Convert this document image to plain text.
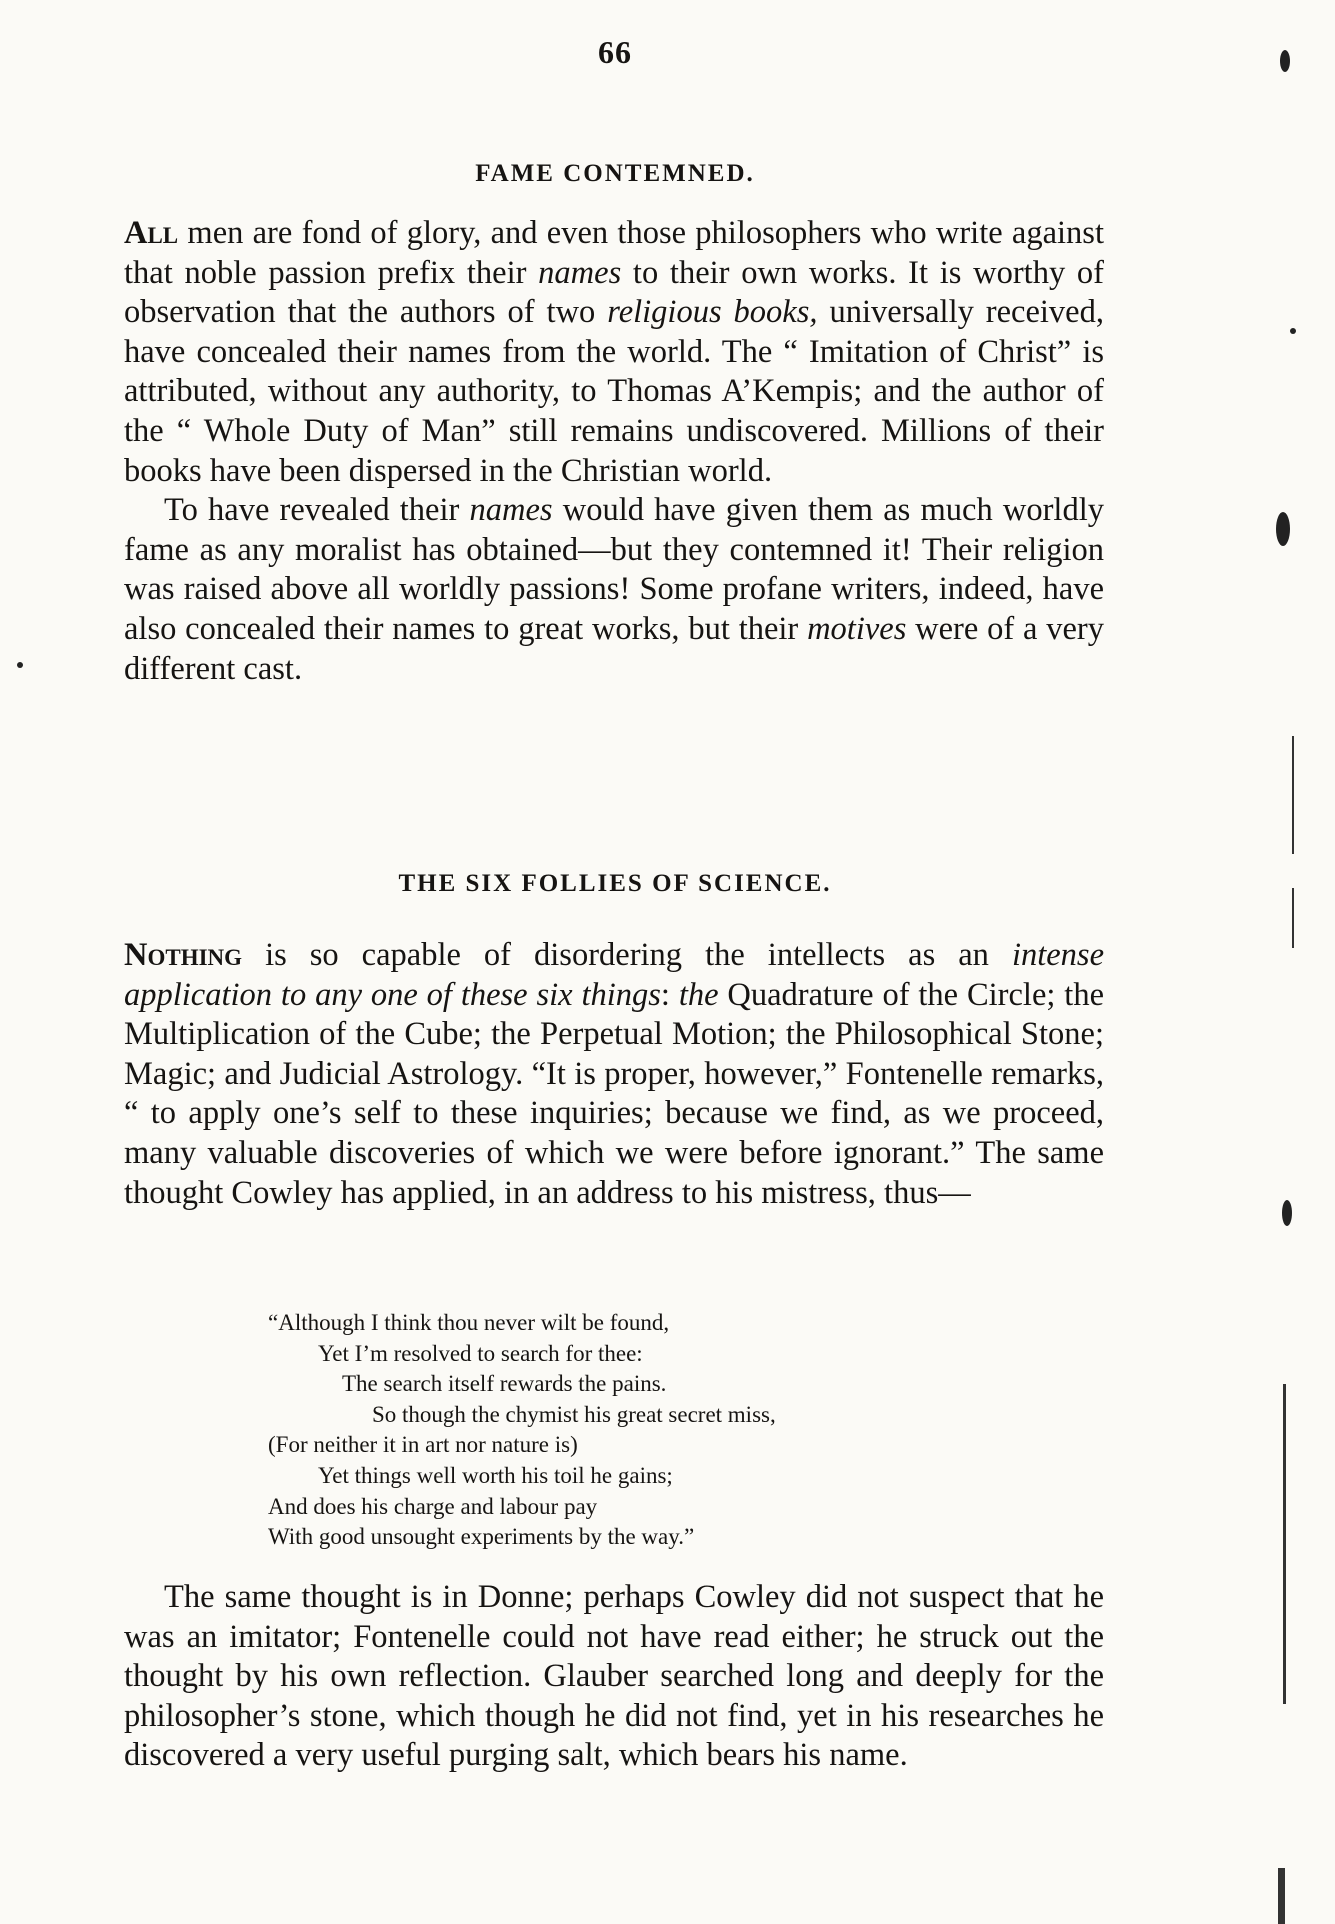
66
FAME CONTEMNED.

All men are fond of glory, and even those philosophers who write against that noble passion prefix their names to their own works. It is worthy of observation that the authors of two religious books, universally received, have concealed their names from the world. The “ Imitation of Christ” is attributed, without any authority, to Thomas A’Kempis; and the author of the “ Whole Duty of Man” still remains undiscovered. Millions of their books have been dispersed in the Christian world.

To have revealed their names would have given them as much worldly fame as any moralist has obtained—but they contemned it! Their religion was raised above all worldly passions! Some profane writers, indeed, have also concealed their names to great works, but their motives were of a very different cast.

THE SIX FOLLIES OF SCIENCE.

Nothing is so capable of disordering the intellects as an intense application to any one of these six things: the Quadrature of the Circle; the Multiplication of the Cube; the Perpetual Motion; the Philosophical Stone; Magic; and Judicial Astrology. “It is proper, however,” Fontenelle remarks, “ to apply one’s self to these inquiries; because we find, as we proceed, many valuable discoveries of which we were before ignorant.” The same thought Cowley has applied, in an address to his mistress, thus—

“Although I think thou never wilt be found,
Yet I’m resolved to search for thee:
The search itself rewards the pains.
So though the chymist his great secret miss,
(For neither it in art nor nature is)
Yet things well worth his toil he gains;
And does his charge and labour pay
With good unsought experiments by the way.”

The same thought is in Donne; perhaps Cowley did not suspect that he was an imitator; Fontenelle could not have read either; he struck out the thought by his own reflection. Glauber searched long and deeply for the philosopher’s stone, which though he did not find, yet in his researches he discovered a very useful purging salt, which bears his name.
